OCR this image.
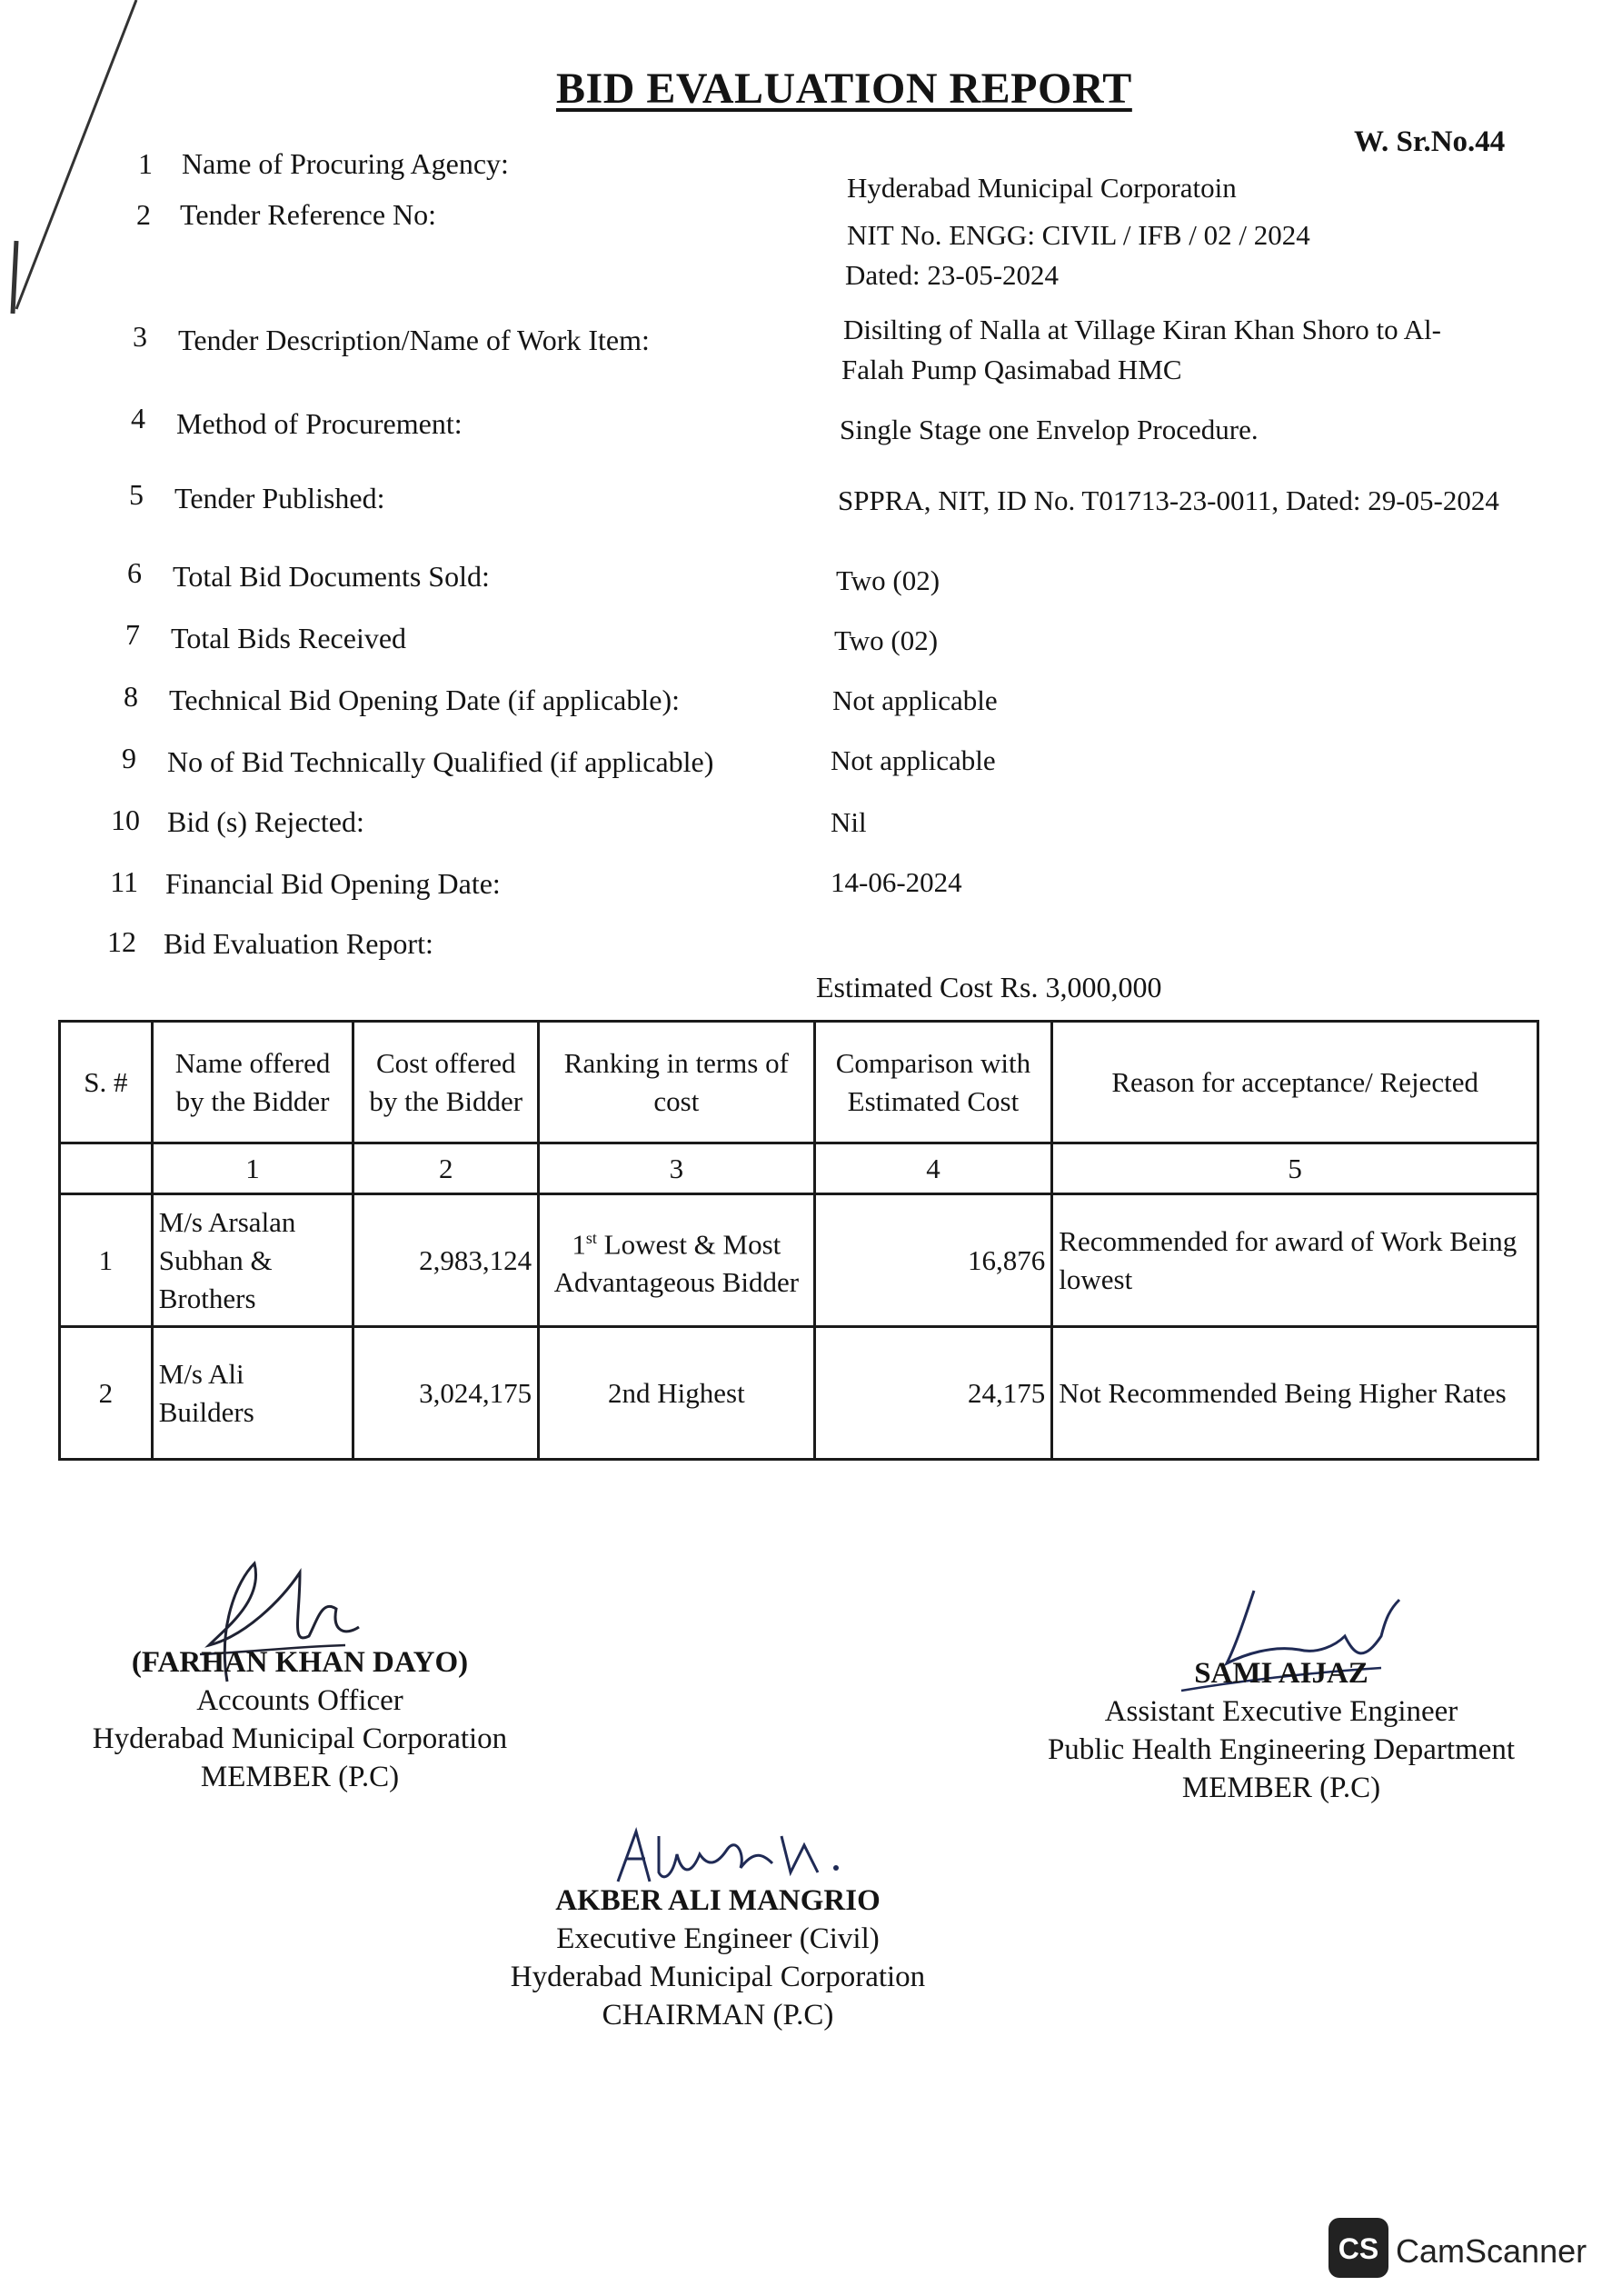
BID EVALUATION REPORT
W. Sr.No.44
1 Name of Procuring Agency:
Hyderabad Municipal Corporatoin
2 Tender Reference No:
NIT No. ENGG: CIVIL / IFB / 02 / 2024
Dated: 23-05-2024
3 Tender Description/Name of Work Item:	Disilting of Nalla at Village Kiran Khan Shoro to Al-
Falah Pump Qasimabad HMC
4 Method of Procurement:	Single Stage one Envelop Procedure.
5 Tender Published:	SPPRA, NIT, ID No. T01713-23-0011, Dated: 29-05-2024
6 Total Bid Documents Sold:	Two (02)
7 Total Bids Received	Two (02)
8 Technical Bid Opening Date (if applicable):	Not applicable
9 No of Bid Technically Qualified (if applicable)	Not applicable
10 Bid (s) Rejected:	Nil
11 Financial Bid Opening Date:	14-06-2024
12 Bid Evaluation Report:
Estimated Cost Rs. 3,000,000
S. #	Name offered by the Bidder	Cost offered by the Bidder	Ranking in terms of cost	Comparison with Estimated Cost	Reason for acceptance/ Rejected
	1	2	3	4	5
1	M/s Arsalan Subhan & Brothers	2,983,124	1st Lowest & Most Advantageous Bidder	16,876	Recommended for award of Work Being lowest
2	M/s Ali Builders	3,024,175	2nd Highest	24,175	Not Recommended Being Higher Rates
(FARHAN KHAN DAYO)
Accounts Officer
Hyderabad Municipal Corporation
MEMBER (P.C)
SAMI AIJAZ
Assistant Executive Engineer
Public Health Engineering Department
MEMBER (P.C)
AKBER ALI MANGRIO
Executive Engineer (Civil)
Hyderabad Municipal Corporation
CHAIRMAN (P.C)
CS CamScanner
